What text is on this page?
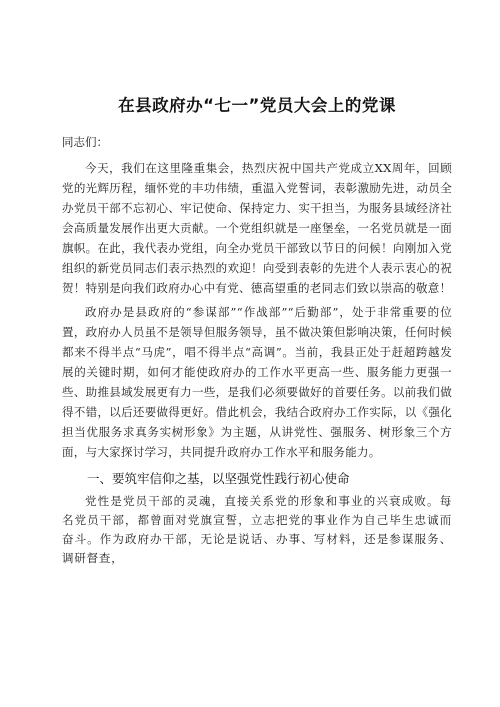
在县政府办“七一”党员大会上的党课

同志们：

今天，我们在这里隆重集会，热烈庆祝中国共产党成立XX周年，回顾党的光辉历程，缅怀党的丰功伟绩，重温入党誓词，表彰激励先进，动员全办党员干部不忘初心、牢记使命、保持定力、实干担当，为服务县域经济社会高质量发展作出更大贡献。一个党组织就是一座堡垒，一名党员就是一面旗帜。在此，我代表办党组，向全办党员干部致以节日的问候！向刚加入党组织的新党员同志们表示热烈的欢迎！向受到表彰的先进个人表示衷心的祝贺！特别是向我们政府办心中有党、德高望重的老同志们致以崇高的敬意！

政府办是县政府的“参谋部”“作战部”“后勤部”，处于非常重要的位置，政府办人员虽不是领导但服务领导，虽不做决策但影响决策，任何时候都来不得半点“马虎”，唱不得半点“高调”。当前，我县正处于赶超跨越发展的关键时期，如何才能使政府办的工作水平更高一些、服务能力更强一些、助推县域发展更有力一些，是我们必须要做好的首要任务。以前我们做得不错，以后还要做得更好。借此机会，我结合政府办工作实际，以《强化担当优服务求真务实树形象》为主题，从讲党性、强服务、树形象三个方面，与大家探讨学习，共同提升政府办工作水平和服务能力。

一、要筑牢信仰之基，以坚强党性践行初心使命

党性是党员干部的灵魂，直接关系党的形象和事业的兴衰成败。每名党员干部，都曾面对党旗宣誓，立志把党的事业作为自己毕生忠诚而奋斗。作为政府办干部，无论是说话、办事、写材料，还是参谋服务、调研督查，
